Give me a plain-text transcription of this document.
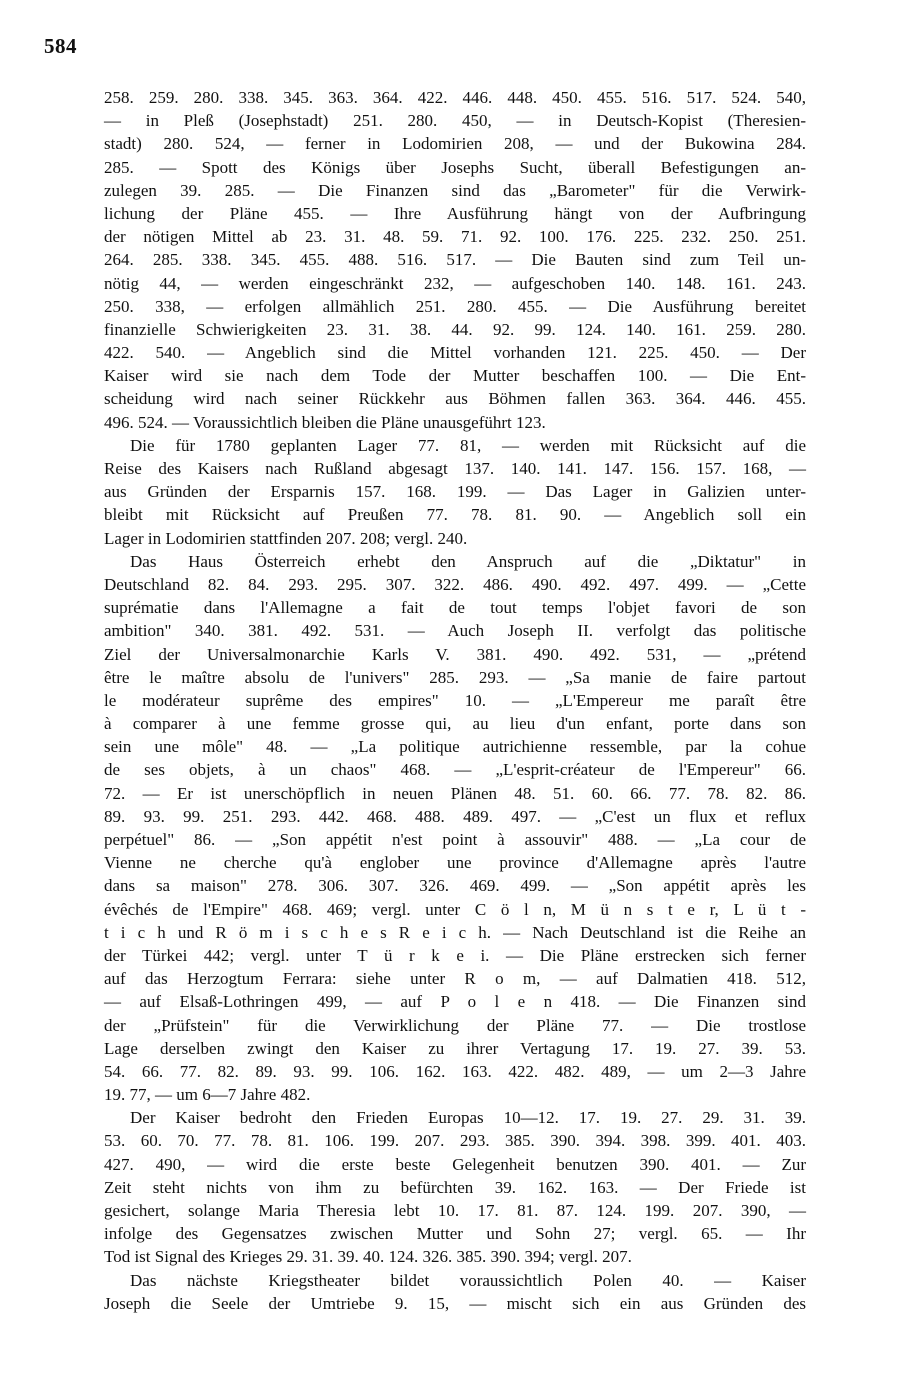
584
258. 259. 280. 338. 345. 363. 364. 422. 446. 448. 450. 455. 516. 517. 524. 540,
— in Pleß (Josephstadt) 251. 280. 450, — in Deutsch-Kopist (Theresien-
stadt) 280. 524, — ferner in Lodomirien 208, — und der Bukowina 284.
285. — Spott des Königs über Josephs Sucht, überall Befestigungen an-
zulegen 39. 285. — Die Finanzen sind das „Barometer" für die Verwirk-
lichung der Pläne 455. — Ihre Ausführung hängt von der Aufbringung
der nötigen Mittel ab 23. 31. 48. 59. 71. 92. 100. 176. 225. 232. 250. 251.
264. 285. 338. 345. 455. 488. 516. 517. — Die Bauten sind zum Teil un-
nötig 44, — werden eingeschränkt 232, — aufgeschoben 140. 148. 161. 243.
250. 338, — erfolgen allmählich 251. 280. 455. — Die Ausführung bereitet
finanzielle Schwierigkeiten 23. 31. 38. 44. 92. 99. 124. 140. 161. 259. 280.
422. 540. — Angeblich sind die Mittel vorhanden 121. 225. 450. — Der
Kaiser wird sie nach dem Tode der Mutter beschaffen 100. — Die Ent-
scheidung wird nach seiner Rückkehr aus Böhmen fallen 363. 364. 446. 455.
496. 524. — Voraussichtlich bleiben die Pläne unausgeführt 123.
Die für 1780 geplanten Lager 77. 81, — werden mit Rücksicht auf die
Reise des Kaisers nach Rußland abgesagt 137. 140. 141. 147. 156. 157. 168, —
aus Gründen der Ersparnis 157. 168. 199. — Das Lager in Galizien unter-
bleibt mit Rücksicht auf Preußen 77. 78. 81. 90. — Angeblich soll ein
Lager in Lodomirien stattfinden 207. 208; vergl. 240.
Das Haus Österreich erhebt den Anspruch auf die „Diktatur" in
Deutschland 82. 84. 293. 295. 307. 322. 486. 490. 492. 497. 499. — „Cette
suprématie dans l'Allemagne a fait de tout temps l'objet favori de son
ambition" 340. 381. 492. 531. — Auch Joseph II. verfolgt das politische
Ziel der Universalmonarchie Karls V. 381. 490. 492. 531, — „prétend
être le maître absolu de l'univers" 285. 293. — „Sa manie de faire partout
le modérateur suprême des empires" 10. — „L'Empereur me paraît être
à comparer à une femme grosse qui, au lieu d'un enfant, porte dans son
sein une môle" 48. — „La politique autrichienne ressemble, par la cohue
de ses objets, à un chaos" 468. — „L'esprit-créateur de l'Empereur" 66.
72. — Er ist unerschöpflich in neuen Plänen 48. 51. 60. 66. 77. 78. 82. 86.
89. 93. 99. 251. 293. 442. 468. 488. 489. 497. — „C'est un flux et reflux
perpétuel" 86. — „Son appétit n'est point à assouvir" 488. — „La cour de
Vienne ne cherche qu'à englober une province d'Allemagne après l'autre
dans sa maison" 278. 306. 307. 326. 469. 499. — „Son appétit après les
évêchés de l'Empire" 468. 469; vergl. unter C ö l n, M ü n s t e r, L ü t -
t i c h und R ö m i s c h e s R e i c h. — Nach Deutschland ist die Reihe an
der Türkei 442; vergl. unter T ü r k e i. — Die Pläne erstrecken sich ferner
auf das Herzogtum Ferrara: siehe unter R o m, — auf Dalmatien 418. 512,
— auf Elsaß-Lothringen 499, — auf P o l e n 418. — Die Finanzen sind
der „Prüfstein" für die Verwirklichung der Pläne 77. — Die trostlose
Lage derselben zwingt den Kaiser zu ihrer Vertagung 17. 19. 27. 39. 53.
54. 66. 77. 82. 89. 93. 99. 106. 162. 163. 422. 482. 489, — um 2—3 Jahre
19. 77, — um 6—7 Jahre 482.
Der Kaiser bedroht den Frieden Europas 10—12. 17. 19. 27. 29. 31. 39.
53. 60. 70. 77. 78. 81. 106. 199. 207. 293. 385. 390. 394. 398. 399. 401. 403.
427. 490, — wird die erste beste Gelegenheit benutzen 390. 401. — Zur
Zeit steht nichts von ihm zu befürchten 39. 162. 163. — Der Friede ist
gesichert, solange Maria Theresia lebt 10. 17. 81. 87. 124. 199. 207. 390, —
infolge des Gegensatzes zwischen Mutter und Sohn 27; vergl. 65. — Ihr
Tod ist Signal des Krieges 29. 31. 39. 40. 124. 326. 385. 390. 394; vergl. 207.
Das nächste Kriegstheater bildet voraussichtlich Polen 40. — Kaiser
Joseph die Seele der Umtriebe 9. 15, — mischt sich ein aus Gründen des
